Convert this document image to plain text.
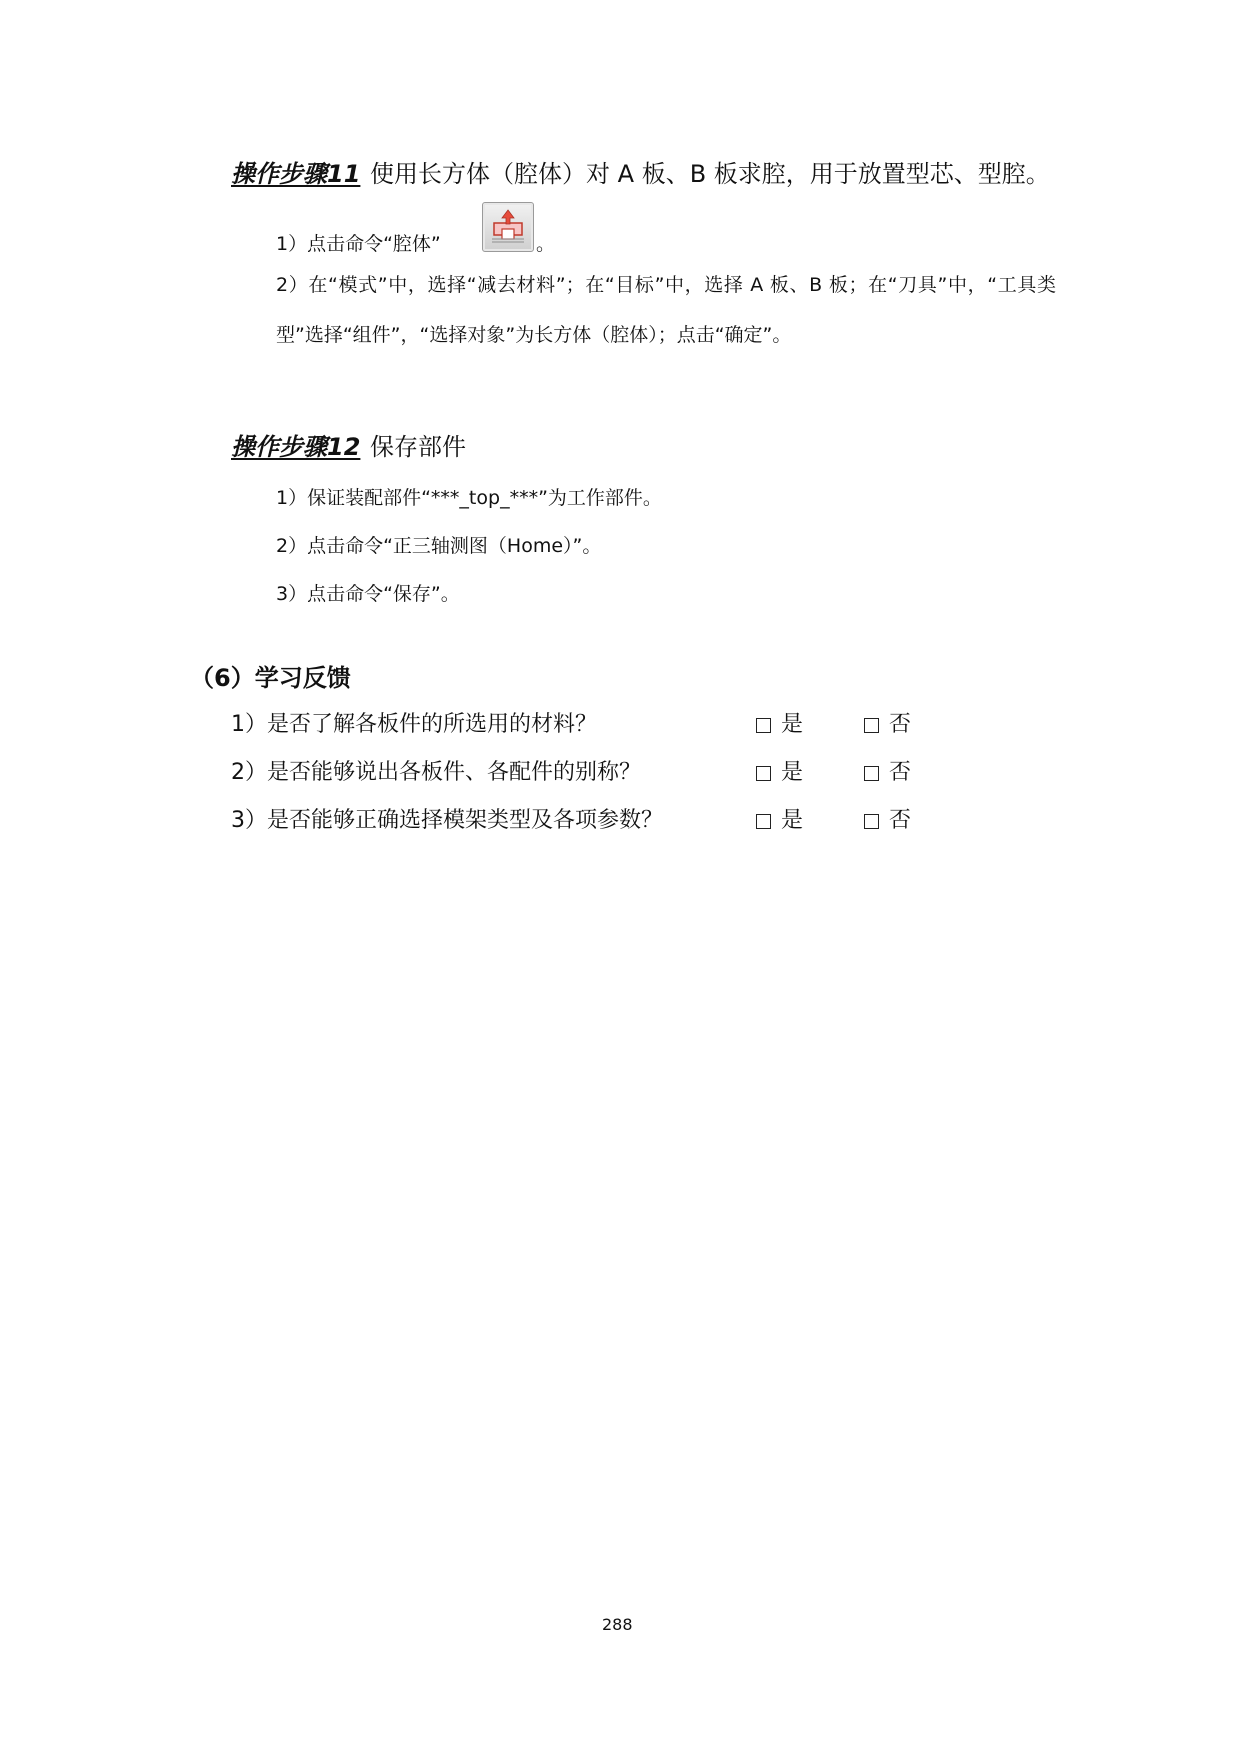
操作步骤11 使用长方体（腔体）对 A 板、B 板求腔，用于放置型芯、型腔。
1）点击命令“腔体”	。
2）在“模式”中，选择“减去材料”；在“目标”中，选择 A 板、B 板；在“刀具”中，“工具类型”选择“组件”，“选择对象”为长方体（腔体）；点击“确定”。
操作步骤12 保存部件
1）保证装配部件“***_top_***”为工作部件。
2）点击命令“正三轴测图（Home）”。
3）点击命令“保存”。
（6）学习反馈
1）是否了解各板件的所选用的材料？	是	否
2）是否能够说出各板件、各配件的别称？	是	否
3）是否能够正确选择模架类型及各项参数？	是	否
288
